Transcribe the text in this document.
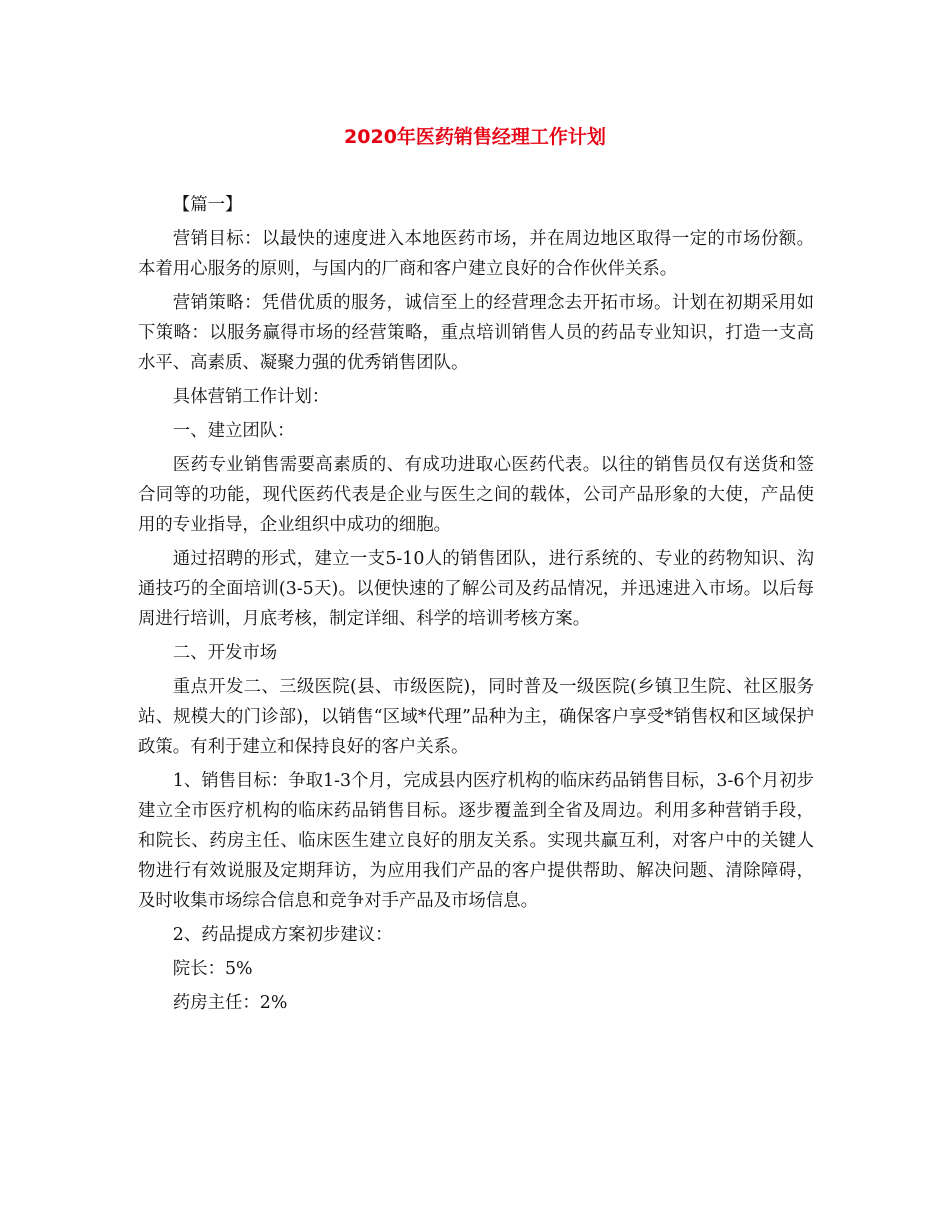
2020年医药销售经理工作计划

【篇一】

营销目标：以最快的速度进入本地医药市场，并在周边地区取得一定的市场份额。本着用心服务的原则，与国内的厂商和客户建立良好的合作伙伴关系。

营销策略：凭借优质的服务，诚信至上的经营理念去开拓市场。计划在初期采用如下策略：以服务赢得市场的经营策略，重点培训销售人员的药品专业知识，打造一支高水平、高素质、凝聚力强的优秀销售团队。

具体营销工作计划：

一、建立团队：

医药专业销售需要高素质的、有成功进取心医药代表。以往的销售员仅有送货和签合同等的功能，现代医药代表是企业与医生之间的载体，公司产品形象的大使，产品使用的专业指导，企业组织中成功的细胞。

通过招聘的形式，建立一支5-10人的销售团队，进行系统的、专业的药物知识、沟通技巧的全面培训(3-5天)。以便快速的了解公司及药品情况，并迅速进入市场。以后每周进行培训，月底考核，制定详细、科学的培训考核方案。

二、开发市场

重点开发二、三级医院(县、市级医院)，同时普及一级医院(乡镇卫生院、社区服务站、规模大的门诊部)，以销售“区域*代理”品种为主，确保客户享受*销售权和区域保护政策。有利于建立和保持良好的客户关系。

1、销售目标：争取1-3个月，完成县内医疗机构的临床药品销售目标，3-6个月初步建立全市医疗机构的临床药品销售目标。逐步覆盖到全省及周边。利用多种营销手段，和院长、药房主任、临床医生建立良好的朋友关系。实现共赢互利，对客户中的关键人物进行有效说服及定期拜访，为应用我们产品的客户提供帮助、解决问题、清除障碍，及时收集市场综合信息和竞争对手产品及市场信息。

2、药品提成方案初步建议：

院长：5%

药房主任：2%
